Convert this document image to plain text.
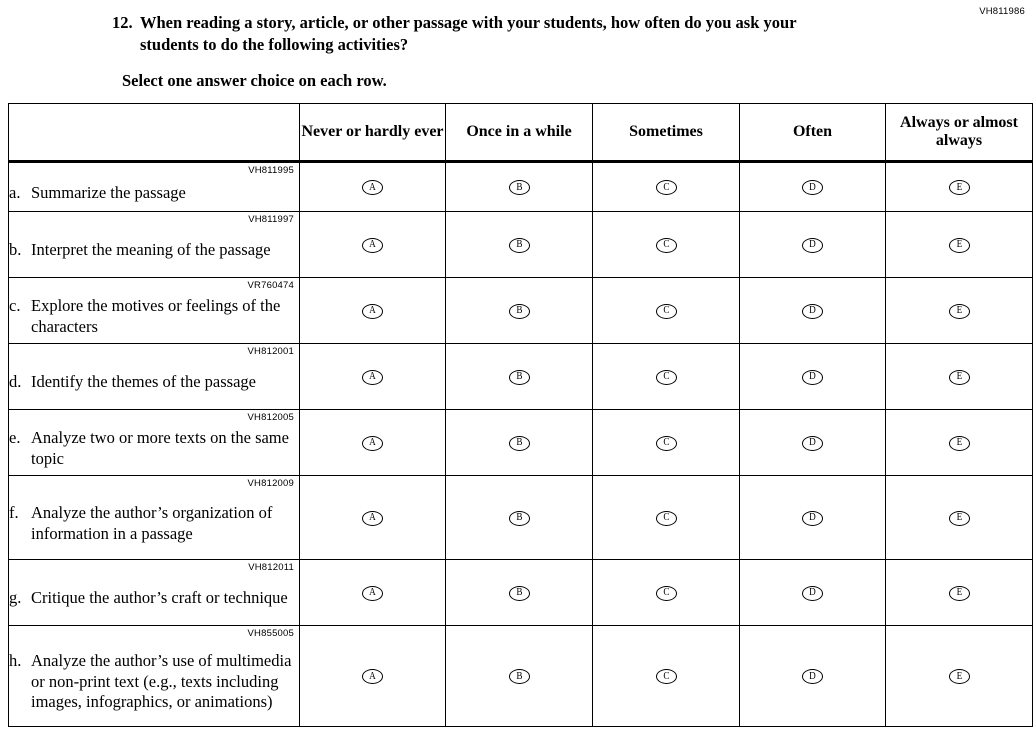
VH811986
12. When reading a story, article, or other passage with your students, how often do you ask your students to do the following activities?
Select one answer choice on each row.
	Never or hardly ever	Once in a while	Sometimes	Often	Always or almost always

VH811995
a. Summarize the passage	A	B	C	D	E

VH811997
b. Interpret the meaning of the passage	A	B	C	D	E

VR760474
c. Explore the motives or feelings of the characters	A	B	C	D	E

VH812001
d. Identify the themes of the passage	A	B	C	D	E

VH812005
e. Analyze two or more texts on the same topic	A	B	C	D	E

VH812009
f. Analyze the author’s organization of information in a passage	A	B	C	D	E

VH812011
g. Critique the author’s craft or technique	A	B	C	D	E

VH855005
h. Analyze the author’s use of multimedia or non-print text (e.g., texts including images, infographics, or animations)	A	B	C	D	E
